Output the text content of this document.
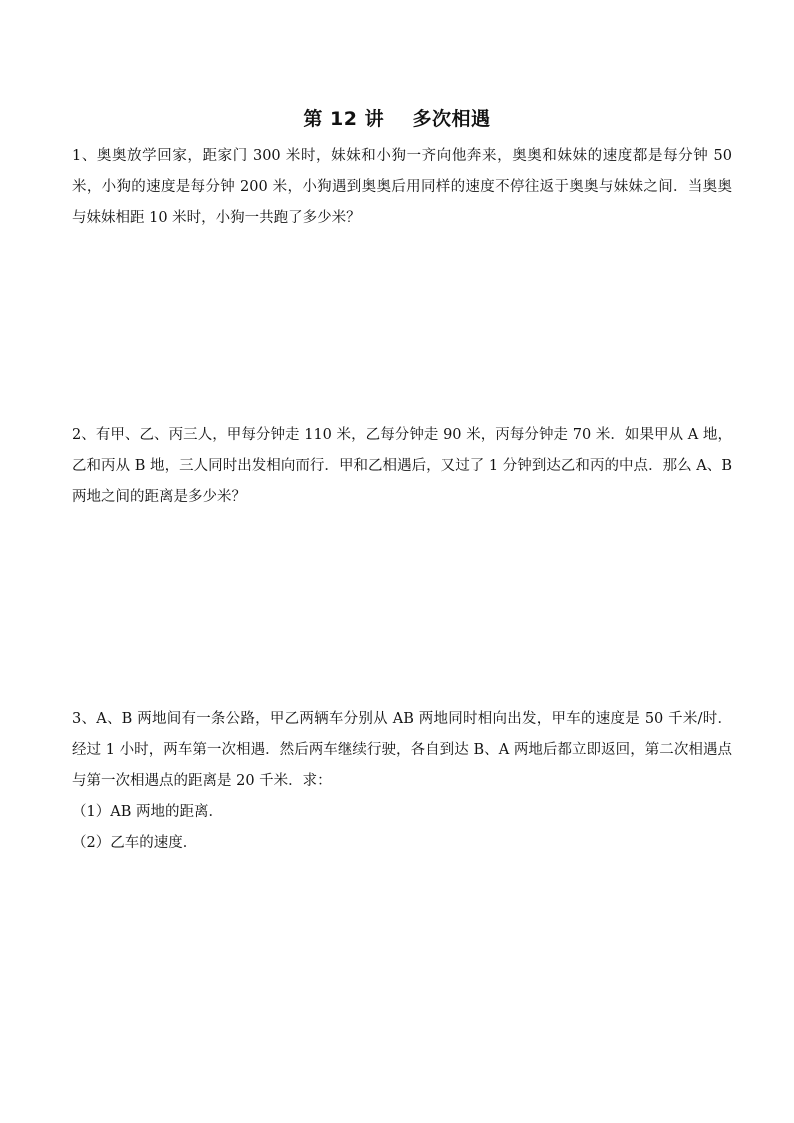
第 12 讲    多次相遇
1、奥奥放学回家，距家门 300 米时，妹妹和小狗一齐向他奔来，奥奥和妹妹的速度都是每分钟 50 米，小狗的速度是每分钟 200 米，小狗遇到奥奥后用同样的速度不停往返于奥奥与妹妹之间．当奥奥与妹妹相距 10 米时，小狗一共跑了多少米？
2、有甲、乙、丙三人，甲每分钟走 110 米，乙每分钟走 90 米，丙每分钟走 70 米．如果甲从 A 地，乙和丙从 B 地，三人同时出发相向而行．甲和乙相遇后，又过了 1 分钟到达乙和丙的中点．那么 A、B 两地之间的距离是多少米？
3、A、B 两地间有一条公路，甲乙两辆车分别从 AB 两地同时相向出发，甲车的速度是 50 千米/时．经过 1 小时，两车第一次相遇．然后两车继续行驶，各自到达 B、A 两地后都立即返回，第二次相遇点与第一次相遇点的距离是 20 千米．求：
（1）AB 两地的距离．
（2）乙车的速度．
